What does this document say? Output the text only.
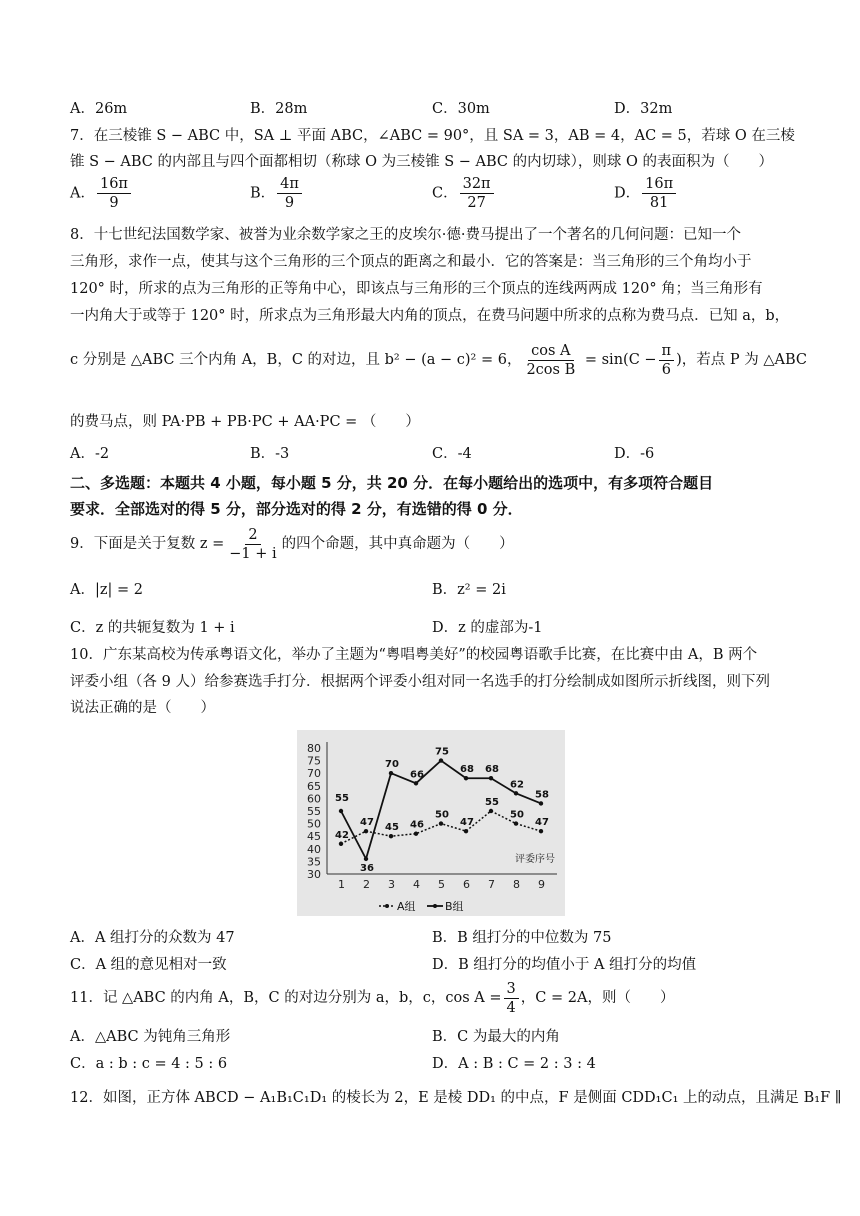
A．26m	B．28m	C．30m	D．32m
7．在三棱锥 S − ABC 中，SA ⊥ 平面 ABC，∠ABC = 90°，且 SA = 3，AB = 4，AC = 5，若球 O 在三棱
锥 S − ABC 的内部且与四个面都相切（称球 O 为三棱锥 S − ABC 的内切球），则球 O 的表面积为（　　）
A． $\frac{16\pi}{9}$	B． $\frac{4\pi}{9}$	C． $\frac{32\pi}{27}$	D． $\frac{16\pi}{81}$
8．十七世纪法国数学家、被誉为业余数学家之王的皮埃尔·德·费马提出了一个著名的几何问题：已知一个
三角形，求作一点，使其与这个三角形的三个顶点的距离之和最小．它的答案是：当三角形的三个角均小于
120° 时，所求的点为三角形的正等角中心，即该点与三角形的三个顶点的连线两两成 120° 角；当三角形有
一内角大于或等于 120° 时，所求点为三角形最大内角的顶点，在费马问题中所求的点称为费马点．已知 a，b，
c 分别是 △ABC 三个内角 A，B，C 的对边，且 b² − (a − c)² = 6， $\frac{\text{cos A}}{\text{2cos B}} = \sin(C - \frac{\pi}{6}$ )，若点 P 为 △ABC
的费马点，则 PA·PB + PB·PC + AA·PC = （　　）
A．-2	B．-3	C．-4	D．-6
二、多选题：本题共 4 小题，每小题 5 分，共 20 分．在每小题给出的选项中，有多项符合题目
要求．全部选对的得 5 分，部分选对的得 2 分，有选错的得 0 分．
9．下面是关于复数 $z = \frac{2}{-1 + i}$ 的四个命题，其中真命题为（　　）
A．|z| = 2	B．z² = 2i
C．z 的共轭复数为 1 + i	D．z 的虚部为-1
10．广东某高校为传承粤语文化，举办了主题为“粤唱粤美好”的校园粤语歌手比赛，在比赛中由 A，B 两个
评委小组（各 9 人）给参赛选手打分．根据两个评委小组对同一名选手的打分绘制成如图所示折线图，则下列
说法正确的是（　　）
30
35
40
45
50
55
60
65
70
75
80
1 2 3 4 5 6 7 8 9
评委序号
42
47 45 46
50
47
55
50
47
55
36
70
66
75
68 68
62
58
A组	B组
A．A 组打分的众数为 47	B．B 组打分的中位数为 75
C．A 组的意见相对一致	D．B 组打分的均值小于 A 组打分的均值
11．记 △ABC 的内角 A，B，C 的对边分别为 a，b，c，$\cos A = \frac{3}{4}$ ，C = 2A，则（　　）
A．△ABC 为钝角三角形	B．C 为最大的内角
C．a : b : c = 4 : 5 : 6	D．A : B : C = 2 : 3 : 4
12．如图，正方体 ABCD − A₁B₁C₁D₁ 的棱长为 2，E 是棱 DD₁ 的中点，F 是侧面 CDD₁C₁ 上的动点，且满足 B₁F ∥
